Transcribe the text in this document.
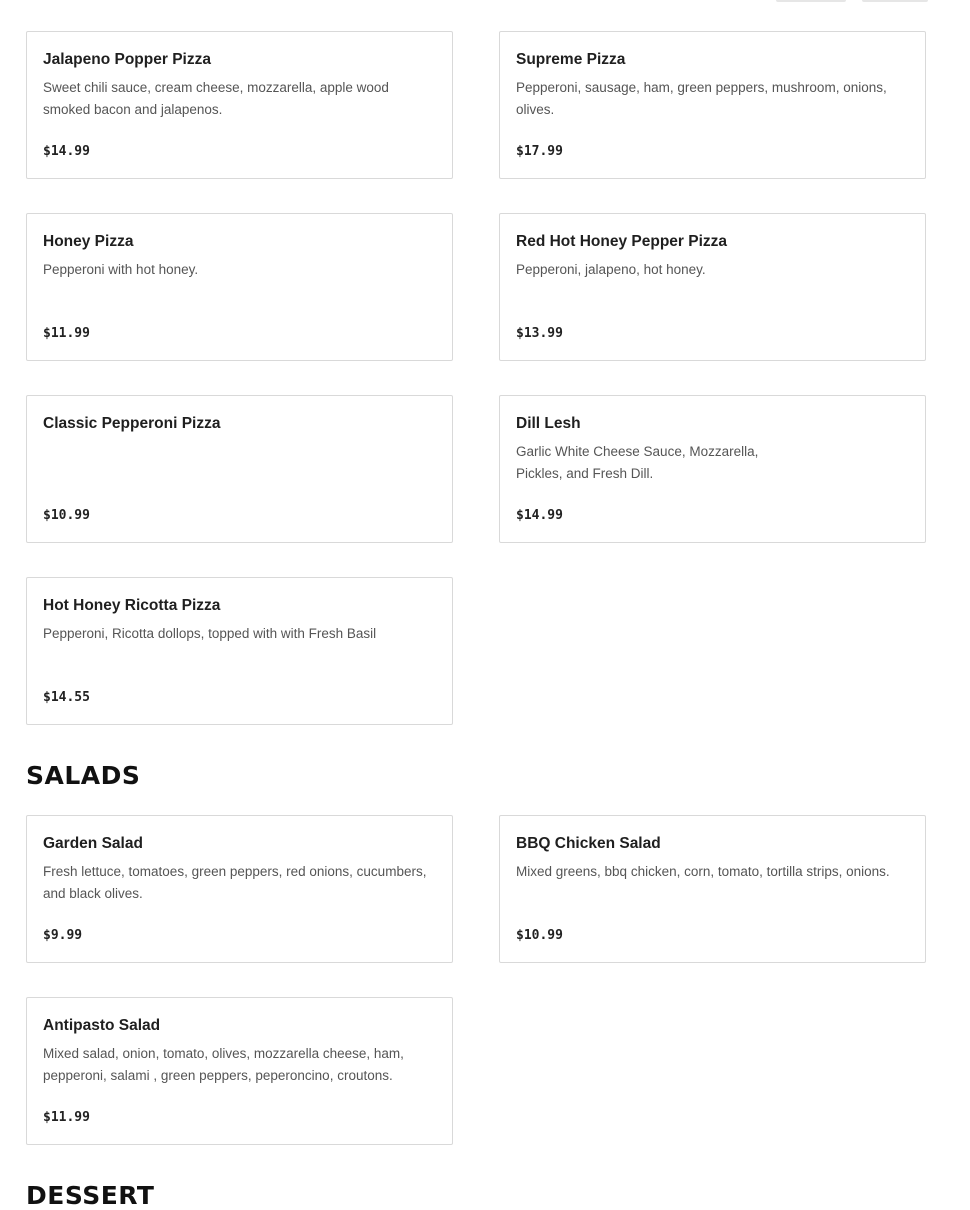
Jalapeno Popper Pizza
Sweet chili sauce, cream cheese, mozzarella, apple wood smoked bacon and jalapenos.
$14.99
Supreme Pizza
Pepperoni, sausage, ham, green peppers, mushroom, onions, olives.
$17.99
Honey Pizza
Pepperoni with hot honey.
$11.99
Red Hot Honey Pepper Pizza
Pepperoni, jalapeno, hot honey.
$13.99
Classic Pepperoni Pizza
$10.99
Dill Lesh
Garlic White Cheese Sauce, Mozzarella, Pickles, and Fresh Dill.
$14.99
Hot Honey Ricotta Pizza
Pepperoni, Ricotta dollops, topped with with Fresh Basil
$14.55
SALADS
Garden Salad
Fresh lettuce, tomatoes, green peppers, red onions, cucumbers, and black olives.
$9.99
BBQ Chicken Salad
Mixed greens, bbq chicken, corn, tomato, tortilla strips, onions.
$10.99
Antipasto Salad
Mixed salad, onion, tomato, olives, mozzarella cheese, ham, pepperoni, salami , green peppers, peperoncino, croutons.
$11.99
DESSERT
